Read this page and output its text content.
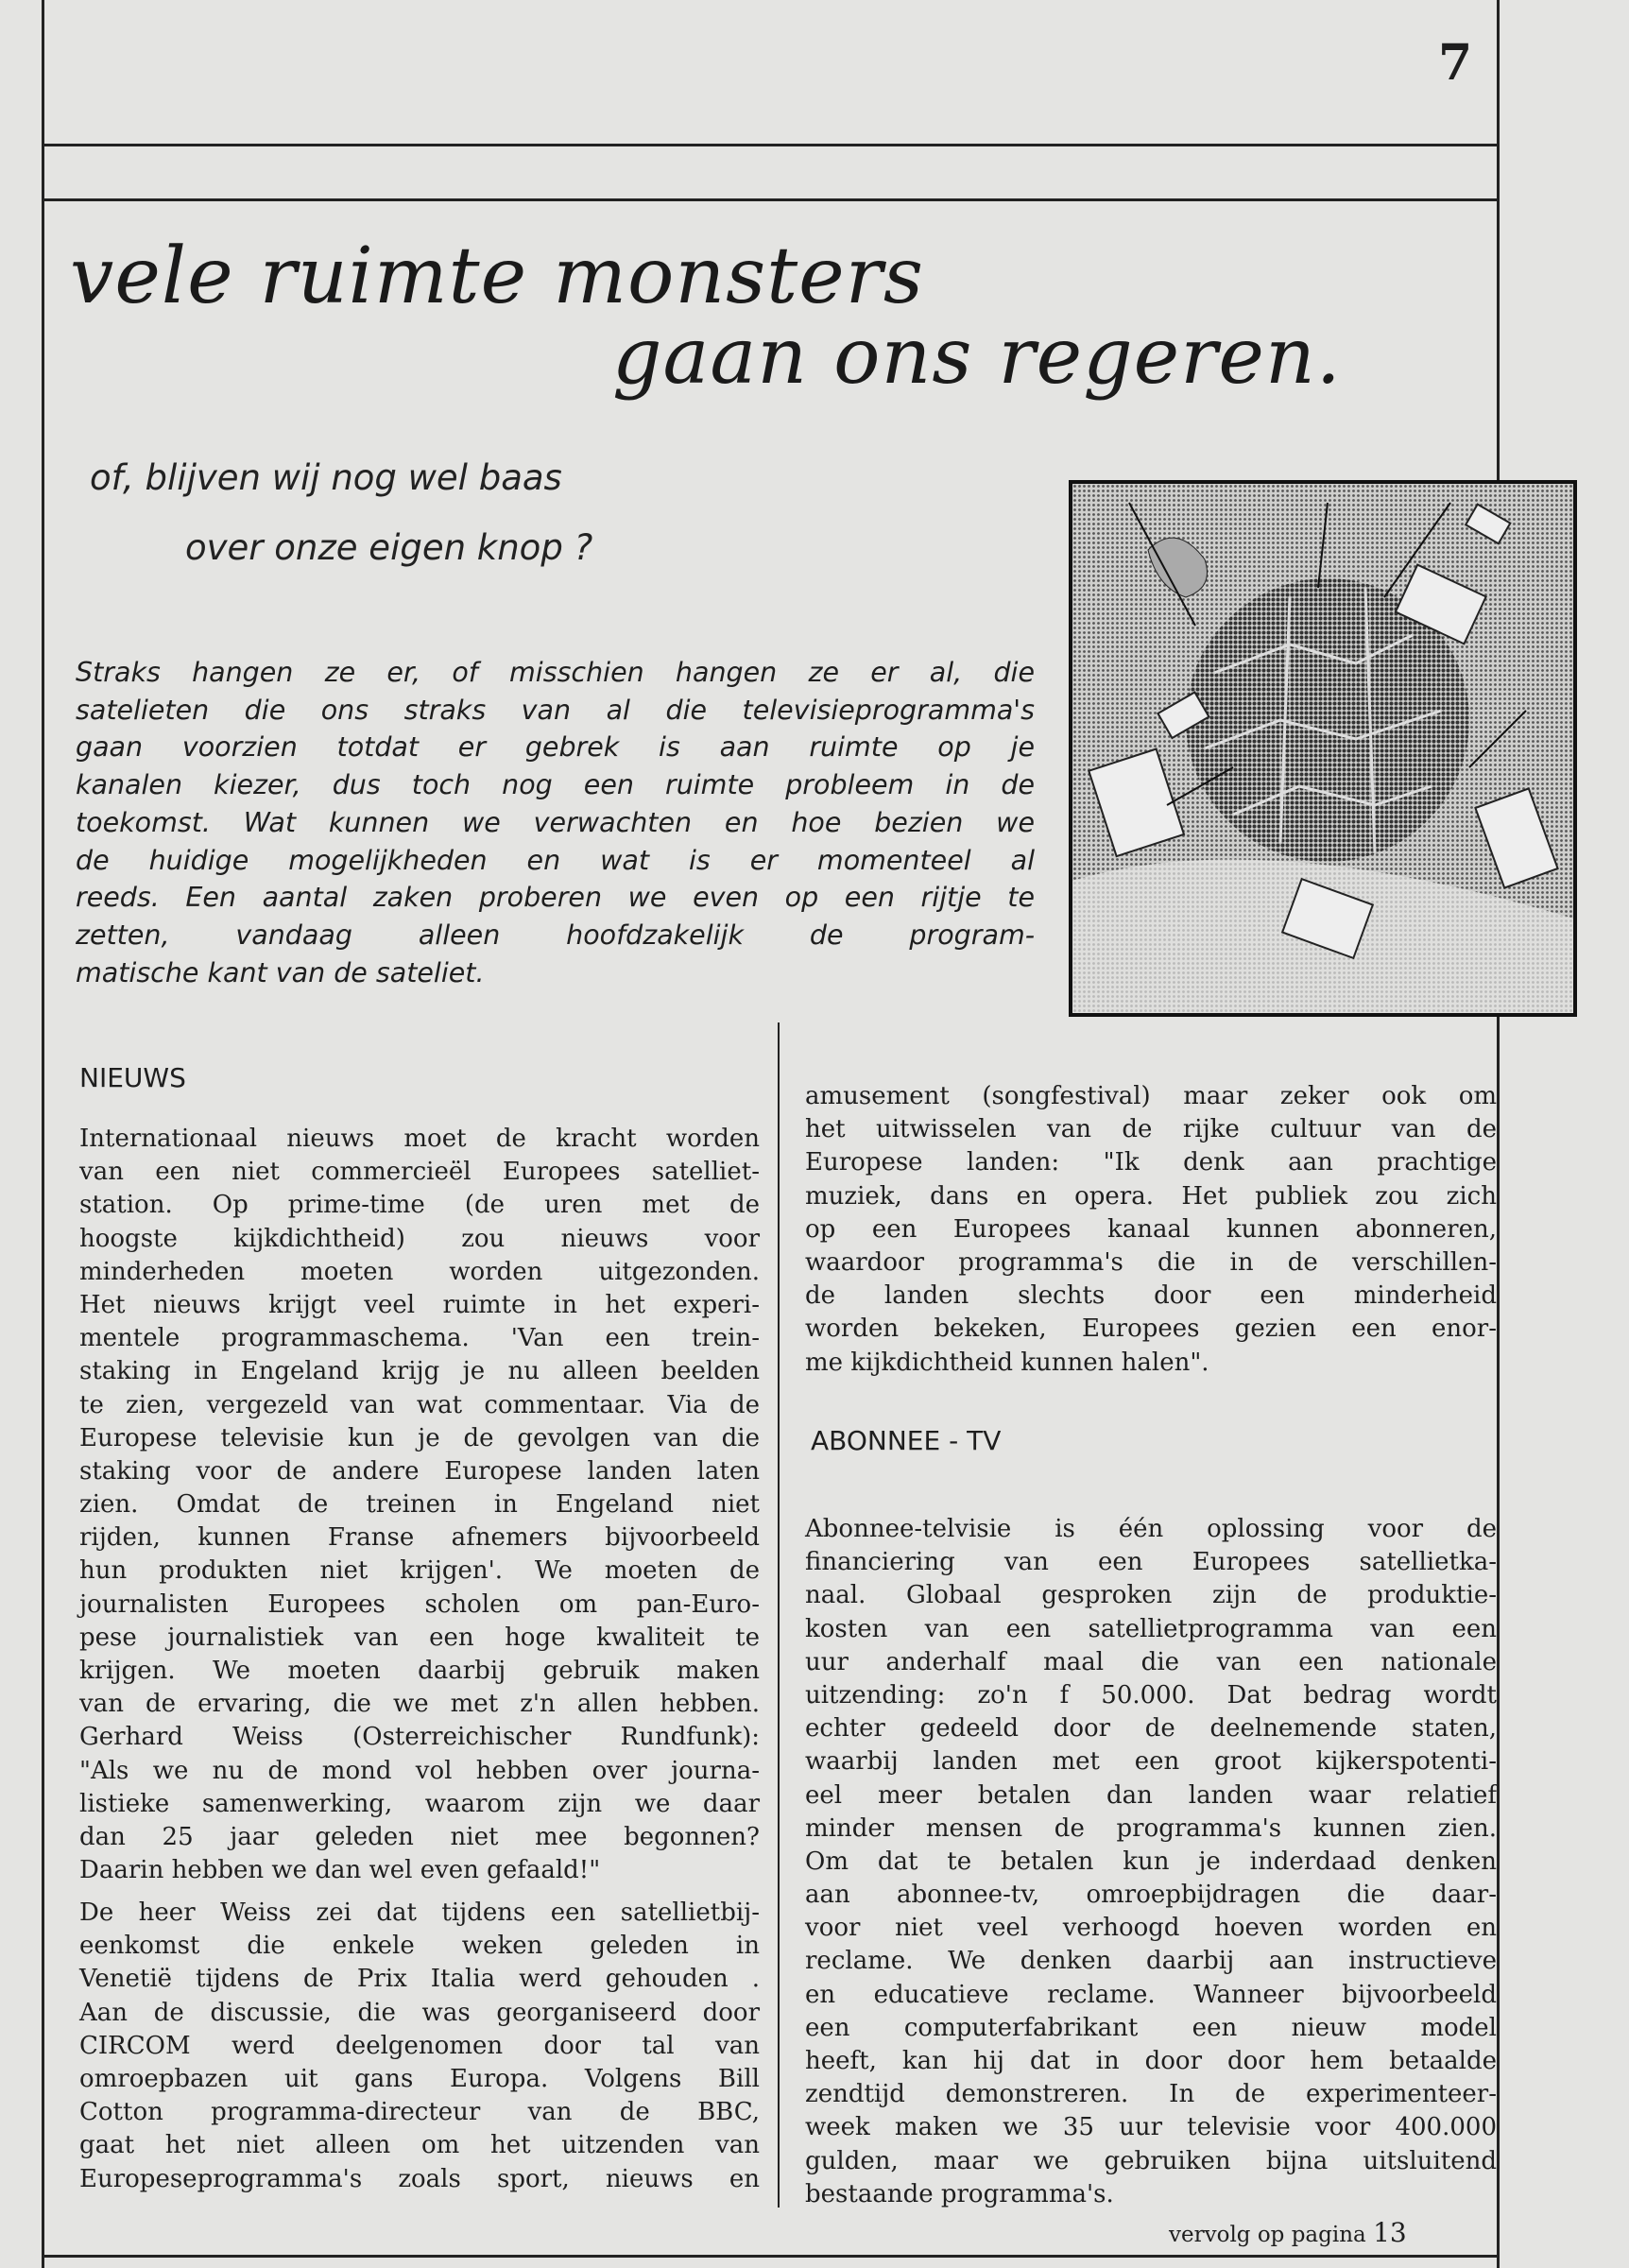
7
vele ruimte monsters
gaan ons regeren.
of, blijven wij nog wel baas
over onze eigen knop ?
Straks hangen ze er, of misschien hangen ze er al, die
satelieten die ons straks van al die televisieprogramma's
gaan voorzien totdat er gebrek is aan ruimte op je
kanalen kiezer, dus toch nog een ruimte probleem in de
toekomst. Wat kunnen we verwachten en hoe bezien we
de huidige mogelijkheden en wat is er momenteel al
reeds. Een aantal zaken proberen we even op een rijtje te
zetten, vandaag alleen hoofdzakelijk de program-
matische kant van de sateliet.
NIEUWS
Internationaal nieuws moet de kracht worden
van een niet commercieël Europees satelliet-
station. Op prime-time (de uren met de
hoogste kijkdichtheid) zou nieuws voor
minderheden moeten worden uitgezonden.
Het nieuws krijgt veel ruimte in het experi-
mentele programmaschema. 'Van een trein-
staking in Engeland krijg je nu alleen beelden
te zien, vergezeld van wat commentaar. Via de
Europese televisie kun je de gevolgen van die
staking voor de andere Europese landen laten
zien. Omdat de treinen in Engeland niet
rijden, kunnen Franse afnemers bijvoorbeeld
hun produkten niet krijgen'. We moeten de
journalisten Europees scholen om pan-Euro-
pese journalistiek van een hoge kwaliteit te
krijgen. We moeten daarbij gebruik maken
van de ervaring, die we met z'n allen hebben.
Gerhard Weiss (Osterreichischer Rundfunk):
"Als we nu de mond vol hebben over journa-
listieke samenwerking, waarom zijn we daar
dan 25 jaar geleden niet mee begonnen?
Daarin hebben we dan wel even gefaald!"
De heer Weiss zei dat tijdens een satellietbij-
eenkomst die enkele weken geleden in
Venetië tijdens de Prix Italia werd gehouden .
Aan de discussie, die was georganiseerd door
CIRCOM werd deelgenomen door tal van
omroepbazen uit gans Europa. Volgens Bill
Cotton programma-directeur van de BBC,
gaat het niet alleen om het uitzenden van
Europeseprogramma's zoals sport, nieuws en
amusement (songfestival) maar zeker ook om
het uitwisselen van de rijke cultuur van de
Europese landen: "Ik denk aan prachtige
muziek, dans en opera. Het publiek zou zich
op een Europees kanaal kunnen abonneren,
waardoor programma's die in de verschillen-
de landen slechts door een minderheid
worden bekeken, Europees gezien een enor-
me kijkdichtheid kunnen halen".
ABONNEE - TV
Abonnee-telvisie is één oplossing voor de
financiering van een Europees satellietka-
naal. Globaal gesproken zijn de produktie-
kosten van een satellietprogramma van een
uur anderhalf maal die van een nationale
uitzending: zo'n f 50.000. Dat bedrag wordt
echter gedeeld door de deelnemende staten,
waarbij landen met een groot kijkerspotenti-
eel meer betalen dan landen waar relatief
minder mensen de programma's kunnen zien.
Om dat te betalen kun je inderdaad denken
aan abonnee-tv, omroepbijdragen die daar-
voor niet veel verhoogd hoeven worden en
reclame. We denken daarbij aan instructieve
en educatieve reclame. Wanneer bijvoorbeeld
een computerfabrikant een nieuw model
heeft, kan hij dat in door door hem betaalde
zendtijd demonstreren. In de experimenteer-
week maken we 35 uur televisie voor 400.000
gulden, maar we gebruiken bijna uitsluitend
bestaande programma's.
vervolg op pagina 13
